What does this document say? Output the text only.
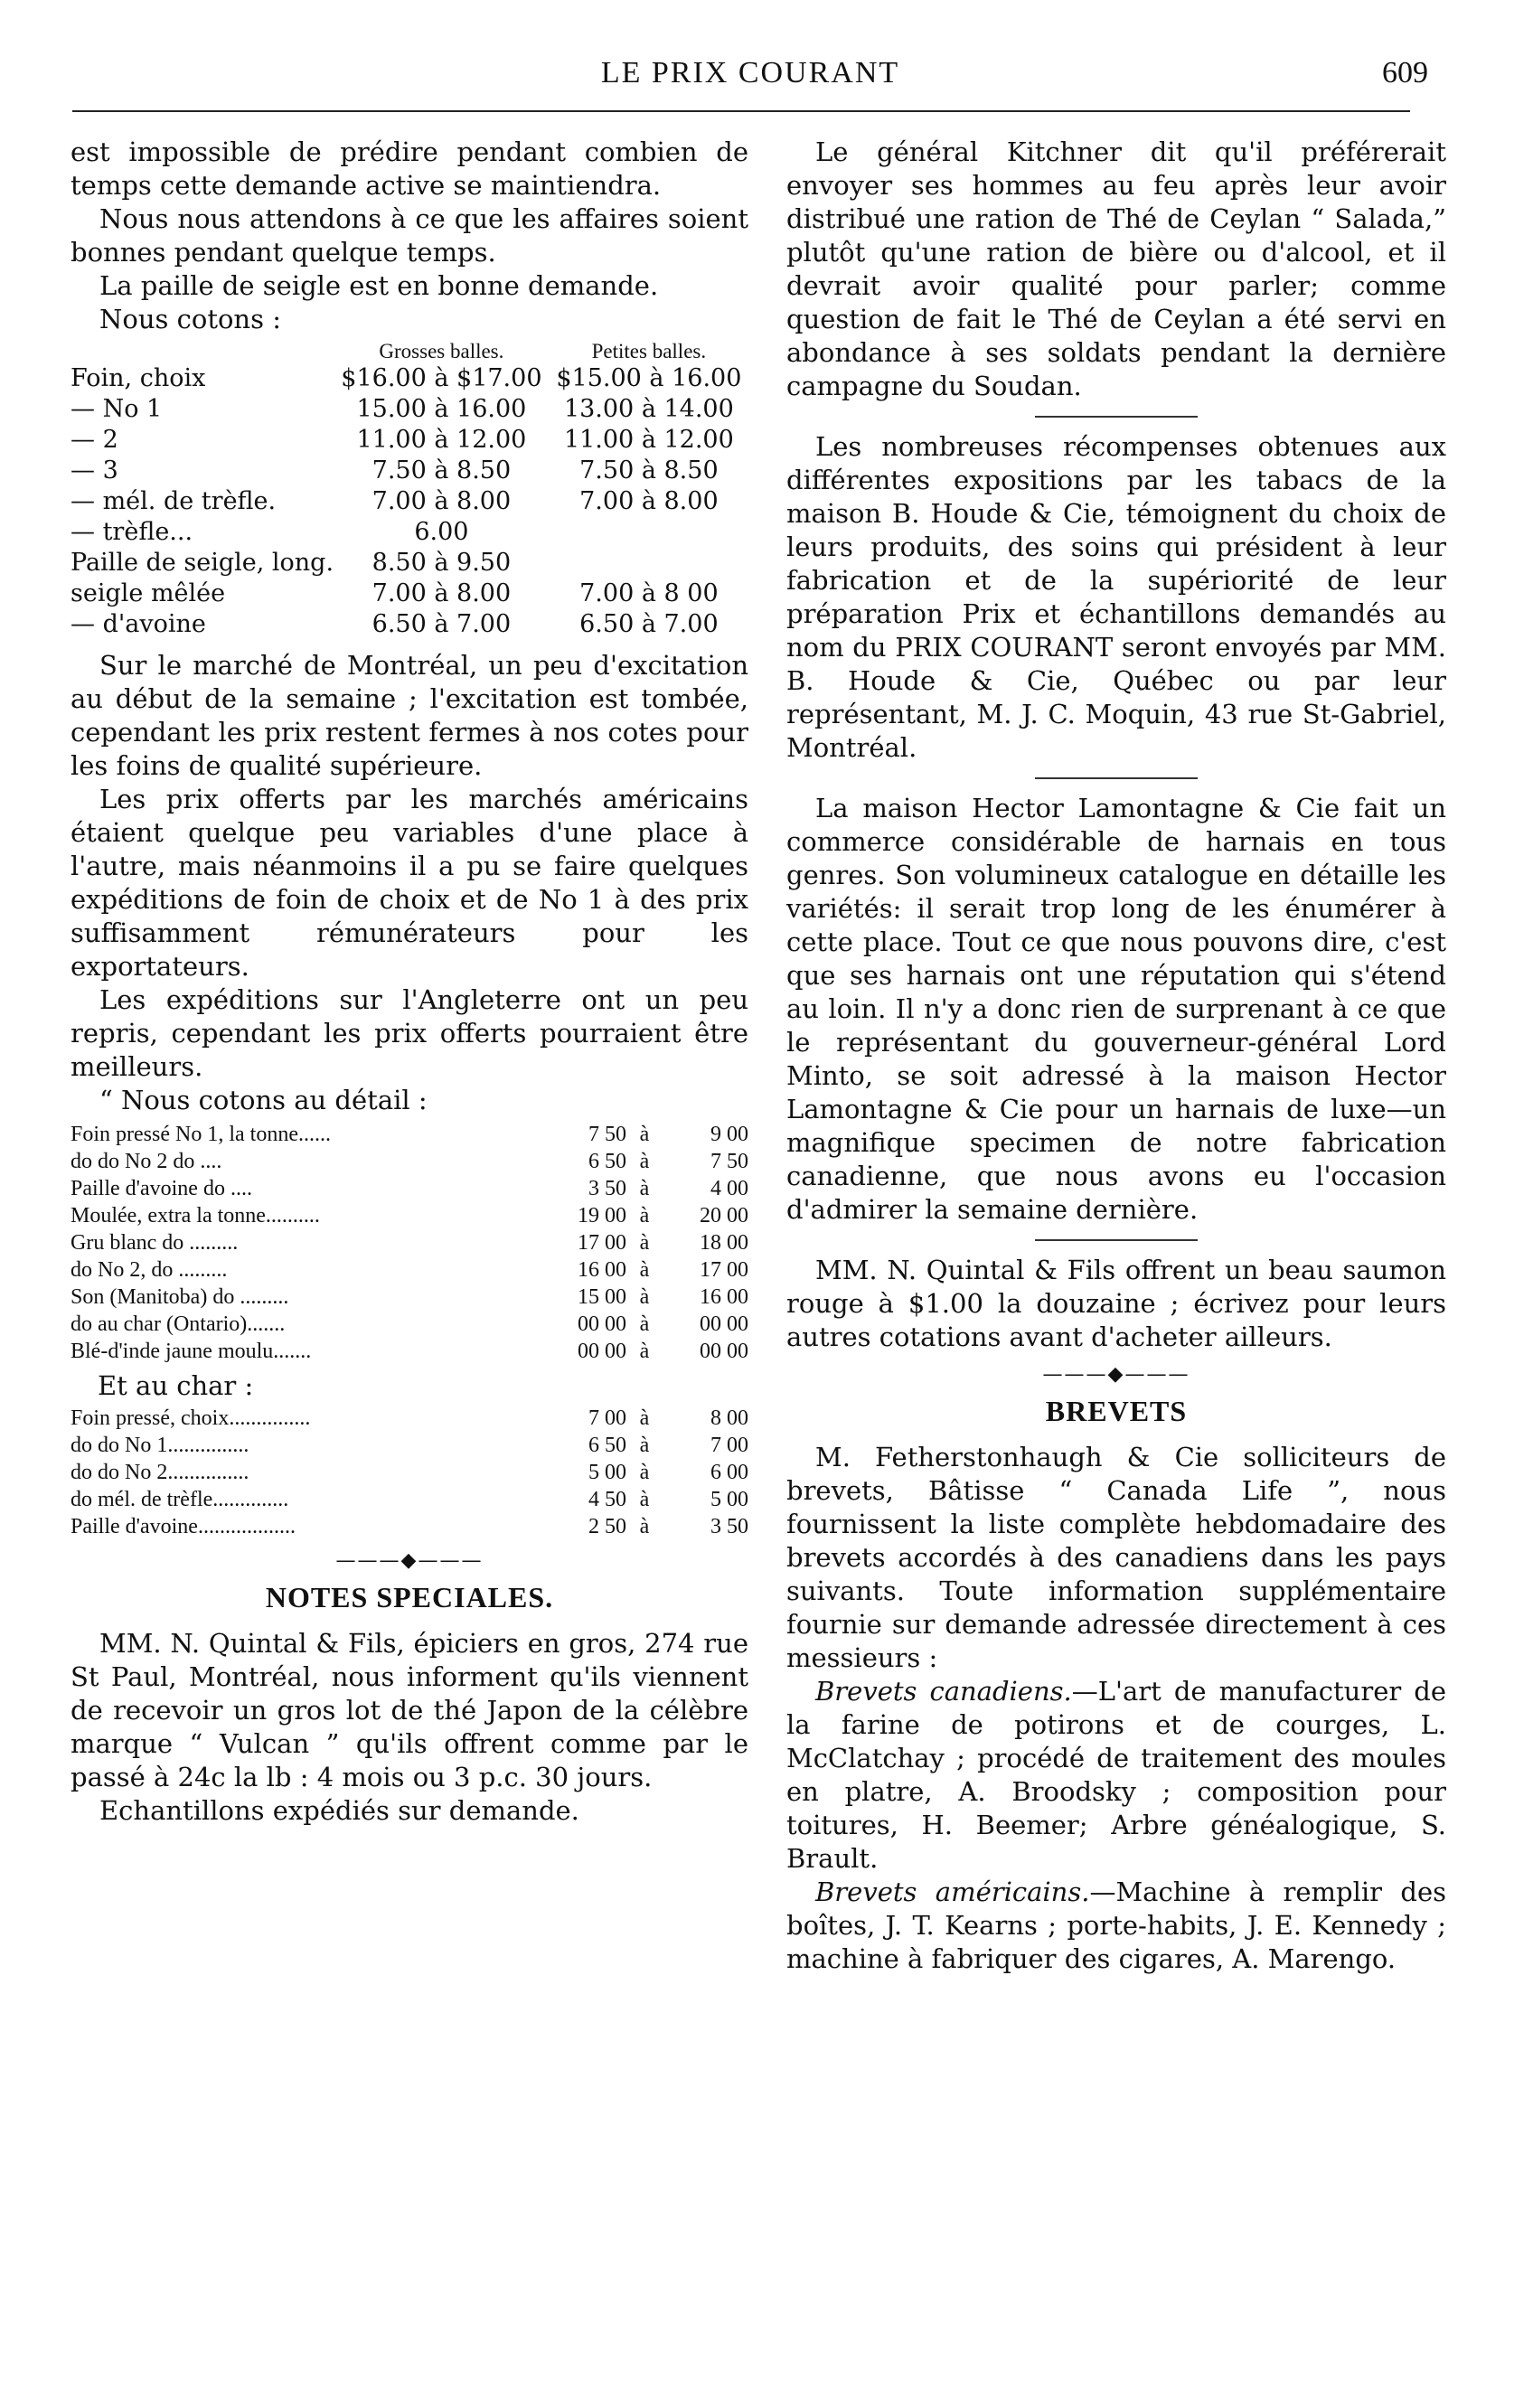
LE PRIX COURANT	609

est impossible de prédire pendant combien de temps cette demande active se maintiendra.

Nous nous attendons à ce que les affaires soient bonnes pendant quelque temps.

La paille de seigle est en bonne demande.

Nous cotons :

	Grosses balles.	Petites balles.
Foin, choix	$16.00 à $17.00	$15.00 à 16.00
— No 1	15.00 à 16.00	13.00 à 14.00
— 2	11.00 à 12.00	11.00 à 12.00
— 3	7.50 à 8.50	7.50 à 8.50
— mél. de trèfle.	7.00 à 8.00	7.00 à 8.00
— trèfle...	6.00	
Paille de seigle, long.	8.50 à 9.50	
seigle mêlée	7.00 à 8.00	7.00 à 8 00
— d'avoine	6.50 à 7.00	6.50 à 7.00

Sur le marché de Montréal, un peu d'excitation au début de la semaine ; l'excitation est tombée, cependant les prix restent fermes à nos cotes pour les foins de qualité supérieure.

Les prix offerts par les marchés américains étaient quelque peu variables d'une place à l'autre, mais néanmoins il a pu se faire quelques expéditions de foin de choix et de No 1 à des prix suffisamment rémunérateurs pour les exportateurs.

Les expéditions sur l'Angleterre ont un peu repris, cependant les prix offerts pourraient être meilleurs.

“ Nous cotons au détail :

Foin pressé No 1, la tonne......	7 50	à	9 00
do do No 2 do ....	6 50	à	7 50
Paille d'avoine do ....	3 50	à	4 00
Moulée, extra la tonne..........	19 00	à	20 00
Gru blanc do .........	17 00	à	18 00
do No 2, do .........	16 00	à	17 00
Son (Manitoba) do .........	15 00	à	16 00
do au char (Ontario).......	00 00	à	00 00
Blé-d'inde jaune moulu.......	00 00	à	00 00
Et au char :
Foin pressé, choix...............	7 00	à	8 00
do do No 1...............	6 50	à	7 00
do do No 2...............	5 00	à	6 00
do mél. de trèfle..............	4 50	à	5 00
Paille d'avoine..................	2 50	à	3 50
———◆———
NOTES SPECIALES.

MM. N. Quintal & Fils, épiciers en gros, 274 rue St Paul, Montréal, nous informent qu'ils viennent de recevoir un gros lot de thé Japon de la célèbre marque “ Vulcan ” qu'ils offrent comme par le passé à 24c la lb : 4 mois ou 3 p.c. 30 jours.

Echantillons expédiés sur demande.

Le général Kitchner dit qu'il préférerait envoyer ses hommes au feu après leur avoir distribué une ration de Thé de Ceylan “ Salada,” plutôt qu'une ration de bière ou d'alcool, et il devrait avoir qualité pour parler; comme question de fait le Thé de Ceylan a été servi en abondance à ses soldats pendant la dernière campagne du Soudan.

Les nombreuses récompenses obtenues aux différentes expositions par les tabacs de la maison B. Houde & Cie, témoignent du choix de leurs produits, des soins qui président à leur fabrication et de la supériorité de leur préparation Prix et échantillons demandés au nom du PRIX COURANT seront envoyés par MM. B. Houde & Cie, Québec ou par leur représentant, M. J. C. Moquin, 43 rue St-Gabriel, Montréal.

La maison Hector Lamontagne & Cie fait un commerce considérable de harnais en tous genres. Son volumineux catalogue en détaille les variétés: il serait trop long de les énumérer à cette place. Tout ce que nous pouvons dire, c'est que ses harnais ont une réputation qui s'étend au loin. Il n'y a donc rien de surprenant à ce que le représentant du gouverneur-général Lord Minto, se soit adressé à la maison Hector Lamontagne & Cie pour un harnais de luxe—un magnifique specimen de notre fabrication canadienne, que nous avons eu l'occasion d'admirer la semaine dernière.

MM. N. Quintal & Fils offrent un beau saumon rouge à $1.00 la douzaine ; écrivez pour leurs autres cotations avant d'acheter ailleurs.

———◆———
BREVETS

M. Fetherstonhaugh & Cie solliciteurs de brevets, Bâtisse “ Canada Life ”, nous fournissent la liste complète hebdomadaire des brevets accordés à des canadiens dans les pays suivants. Toute information supplémentaire fournie sur demande adressée directement à ces messieurs :

Brevets canadiens.—L'art de manufacturer de la farine de potirons et de courges, L. McClatchay ; procédé de traitement des moules en platre, A. Broodsky ; composition pour toitures, H. Beemer; Arbre généalogique, S. Brault.

Brevets américains.—Machine à remplir des boîtes, J. T. Kearns ; porte-habits, J. E. Kennedy ; machine à fabriquer des cigares, A. Marengo.
